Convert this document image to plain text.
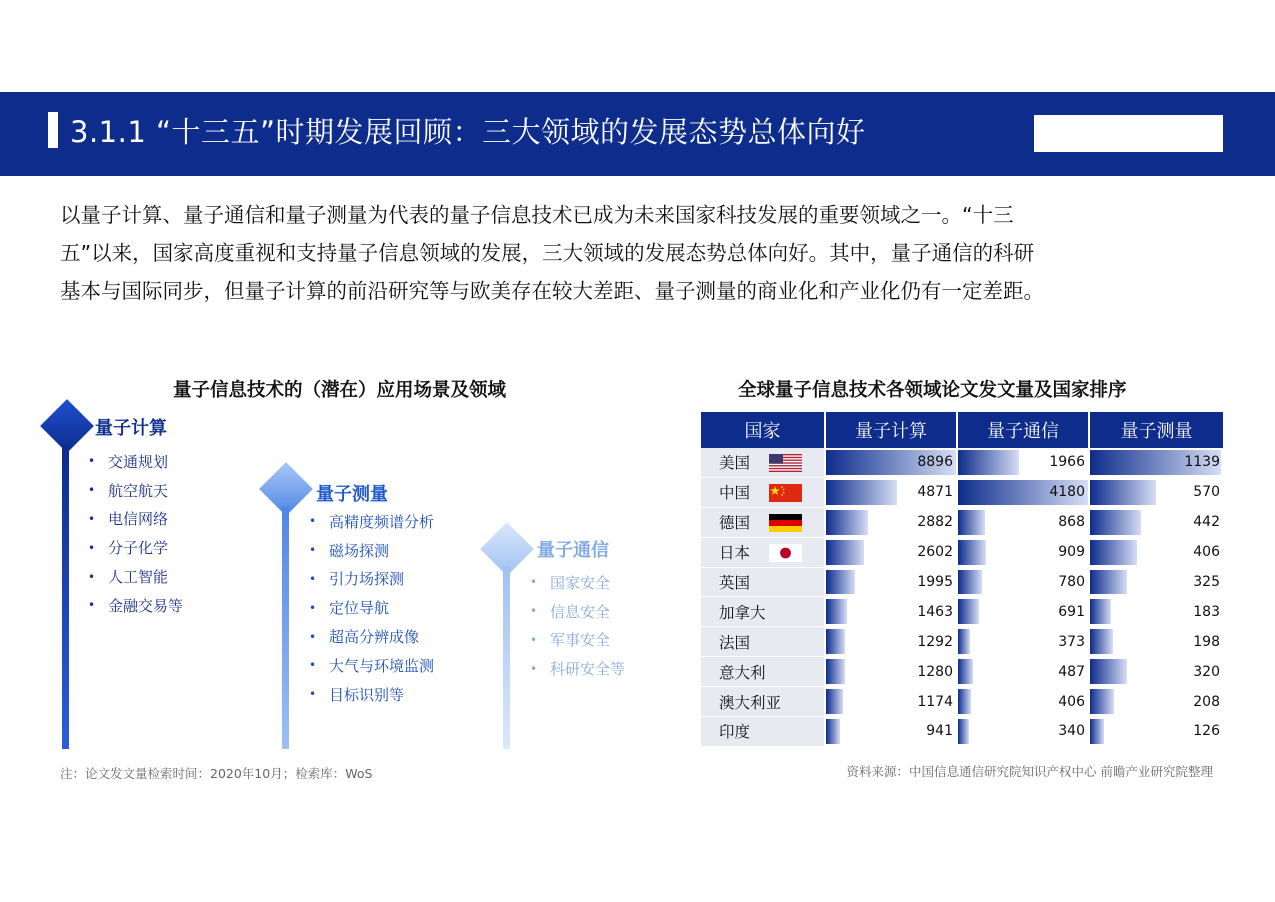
3.1.1 “十三五”时期发展回顾：三大领域的发展态势总体向好

以量子计算、量子通信和量子测量为代表的量子信息技术已成为未来国家科技发展的重要领域之一。“十三

五”以来，国家高度重视和支持量子信息领域的发展，三大领域的发展态势总体向好。其中，量子通信的科研

基本与国际同步，但量子计算的前沿研究等与欧美存在较大差距、量子测量的商业化和产业化仍有一定差距。

量子信息技术的（潜在）应用场景及领域	全球量子信息技术各领域论文发文量及国家排序
量子计算
• 交通规划
• 航空航天
• 电信网络
• 分子化学
• 人工智能
• 金融交易等
量子测量
• 高精度频谱分析
• 磁场探测
• 引力场探测
• 定位导航
• 超高分辨成像
• 大气与环境监测
• 目标识别等
量子通信
• 国家安全
• 信息安全
• 军事安全
• 科研安全等
国家	量子计算	量子通信	量子测量
美国	8896	1966	1139
中国	4871	4180	570
德国	2882	868	442
日本	2602	909	406
英国	1995	780	325
加拿大	1463	691	183
法国	1292	373	198
意大利	1280	487	320
澳大利亚	1174	406	208
印度	941	340	126
注：论文发文量检索时间：2020年10月；检索库：WoS	资料来源：中国信息通信研究院知识产权中心 前瞻产业研究院整理
